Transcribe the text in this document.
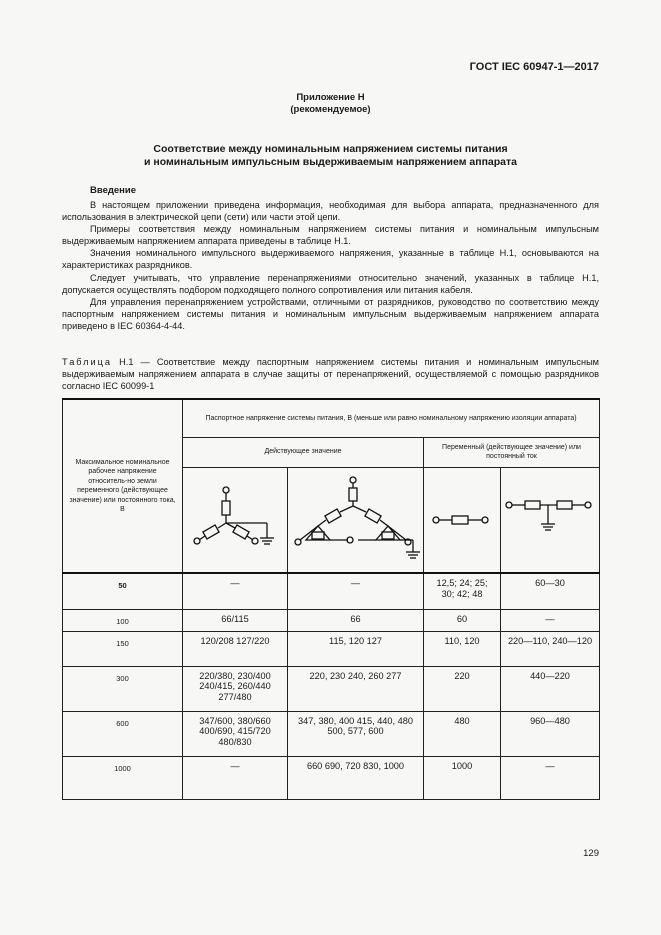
ГОСТ IEC 60947-1—2017
Приложение Н
(рекомендуемое)
Соответствие между номинальным напряжением системы питания
и номинальным импульсным выдерживаемым напряжением аппарата
Введение

В настоящем приложении приведена информация, необходимая для выбора аппарата, предназначенного для использования в электрической цепи (сети) или части этой цепи.

Примеры соответствия между номинальным напряжением системы питания и номинальным импульсным выдерживаемым напряжением аппарата приведены в таблице Н.1.

Значения номинального импульсного выдерживаемого напряжения, указанные в таблице Н.1, основываются на характеристиках разрядников.

Следует учитывать, что управление перенапряжениями относительно значений, указанных в таблице Н.1, допускается осуществлять подбором подходящего полного сопротивления или питания кабеля.

Для управления перенапряжением устройствами, отличными от разрядников, руководство по соответствию между паспортным напряжением системы питания и номинальным импульсным выдерживаемым напряжением аппарата приведено в IEC 60364-4-44.

Таблица Н.1 — Соответствие между паспортным напряжением системы питания и номинальным импульсным выдерживаемым напряжением аппарата в случае защиты от перенапряжений, осуществляемой с помощью разрядников согласно IEC 60099-1
Максимальное номинальное рабочее напряжение относитель-но земли переменного (действующее значение) или постоянного тока, В	Паспортное напряжение системы питания, В (меньше или равно номинальному напряжению изоляции аппарата)			
	Действующее значение		Переменный (действующее значение) или постоянный ток	

50	—	—	12,5; 24; 25; 30; 42; 48	60—30
100	66/115	66	60	—
150	120/208 127/220	115, 120 127	110, 120	220—110, 240—120
300	220/380, 230/400 240/415, 260/440 277/480	220, 230 240, 260 277	220	440—220
600	347/600, 380/660 400/690, 415/720 480/830	347, 380, 400 415, 440, 480 500, 577, 600	480	960—480
1000	—	660 690, 720 830, 1000	1000	—
129
